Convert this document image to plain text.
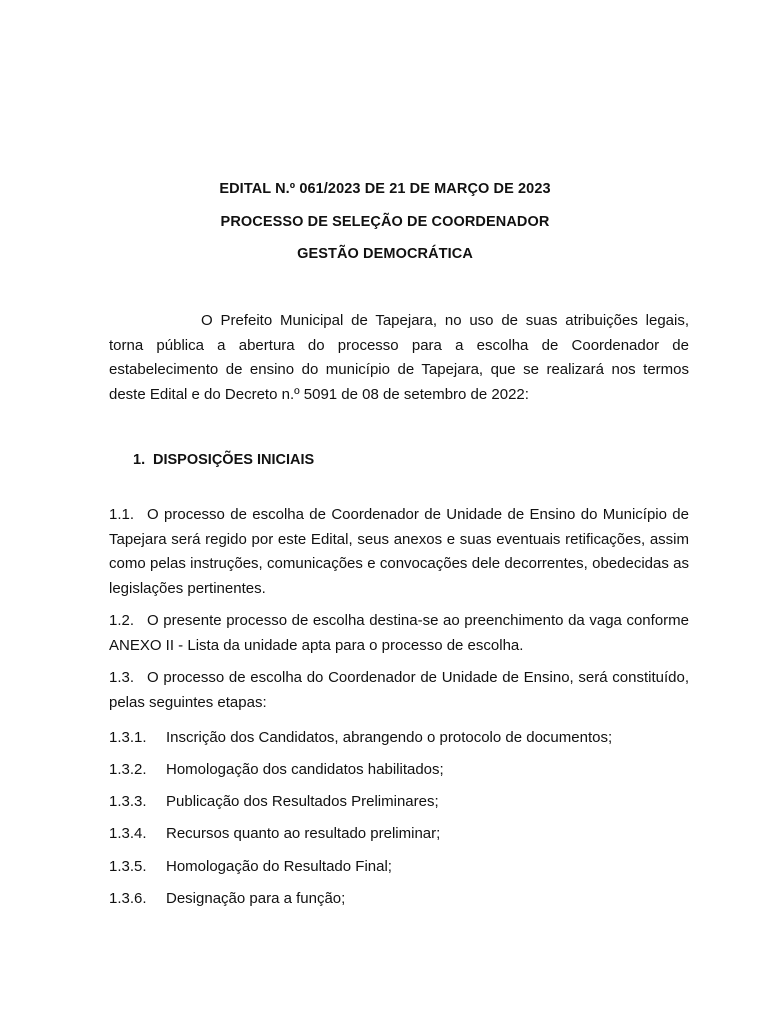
EDITAL N.º 061/2023 DE 21 DE MARÇO DE 2023
PROCESSO DE SELEÇÃO DE COORDENADOR
GESTÃO DEMOCRÁTICA
O Prefeito Municipal de Tapejara, no uso de suas atribuições legais, torna pública a abertura do processo para a escolha de Coordenador de estabelecimento de ensino do município de Tapejara, que se realizará nos termos deste Edital e do Decreto n.º 5091 de 08 de setembro de 2022:
1. DISPOSIÇÕES INICIAIS
1.1. O processo de escolha de Coordenador de Unidade de Ensino do Município de Tapejara será regido por este Edital, seus anexos e suas eventuais retificações, assim como pelas instruções, comunicações e convocações dele decorrentes, obedecidas as legislações pertinentes.
1.2. O presente processo de escolha destina-se ao preenchimento da vaga conforme ANEXO II - Lista da unidade apta para o processo de escolha.
1.3. O processo de escolha do Coordenador de Unidade de Ensino, será constituído, pelas seguintes etapas:
1.3.1. Inscrição dos Candidatos, abrangendo o protocolo de documentos;
1.3.2. Homologação dos candidatos habilitados;
1.3.3. Publicação dos Resultados Preliminares;
1.3.4. Recursos quanto ao resultado preliminar;
1.3.5. Homologação do Resultado Final;
1.3.6. Designação para a função;
